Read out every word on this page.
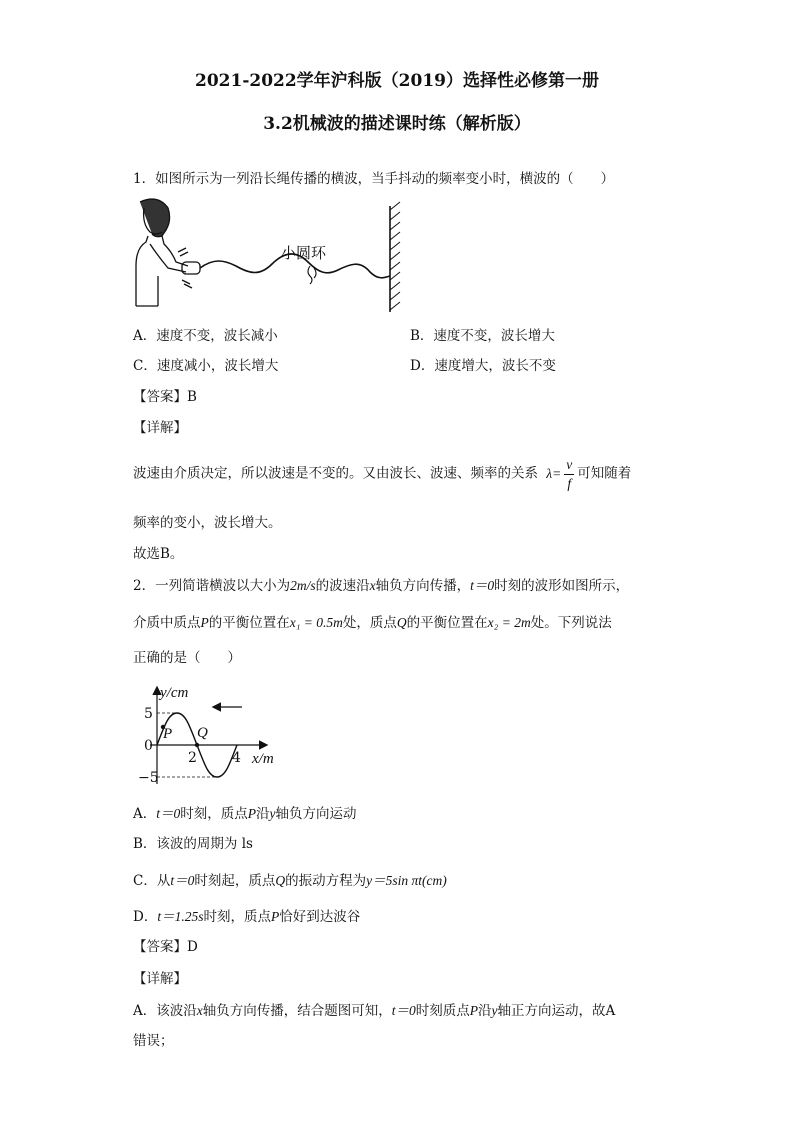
2021-2022学年沪科版（2019）选择性必修第一册
3.2机械波的描述课时练（解析版）
1．如图所示为一列沿长绳传播的横波，当手抖动的频率变小时，横波的（　　）
小圆环
A．速度不变，波长减小	B．速度不变，波长增大
C．速度减小，波长增大	D．速度增大，波长不变
【答案】B
【详解】
波速由介质决定，所以波速是不变的。又由波长、波速、频率的关系 $\lambda= \frac{v}{f}$ 可知随着
频率的变小，波长增大。
故选B。
2．一列简谐横波以大小为2m/s的波速沿x轴负方向传播，t＝0时刻的波形如图所示，
介质中质点P的平衡位置在x₁ = 0.5m处，质点Q的平衡位置在x₂ = 2m处。下列说法
正确的是（　　）
y/cm
5
0
−5
2	4 x/m
P Q
A．t＝0时刻，质点P沿y轴负方向运动
B．该波的周期为 ls
C．从t＝0时刻起，质点Q的振动方程为y＝5sin πt(cm)
D．t＝1.25s时刻，质点P恰好到达波谷
【答案】D
【详解】
A．该波沿x轴负方向传播，结合题图可知，t＝0时刻质点P沿y轴正方向运动，故A
错误；
